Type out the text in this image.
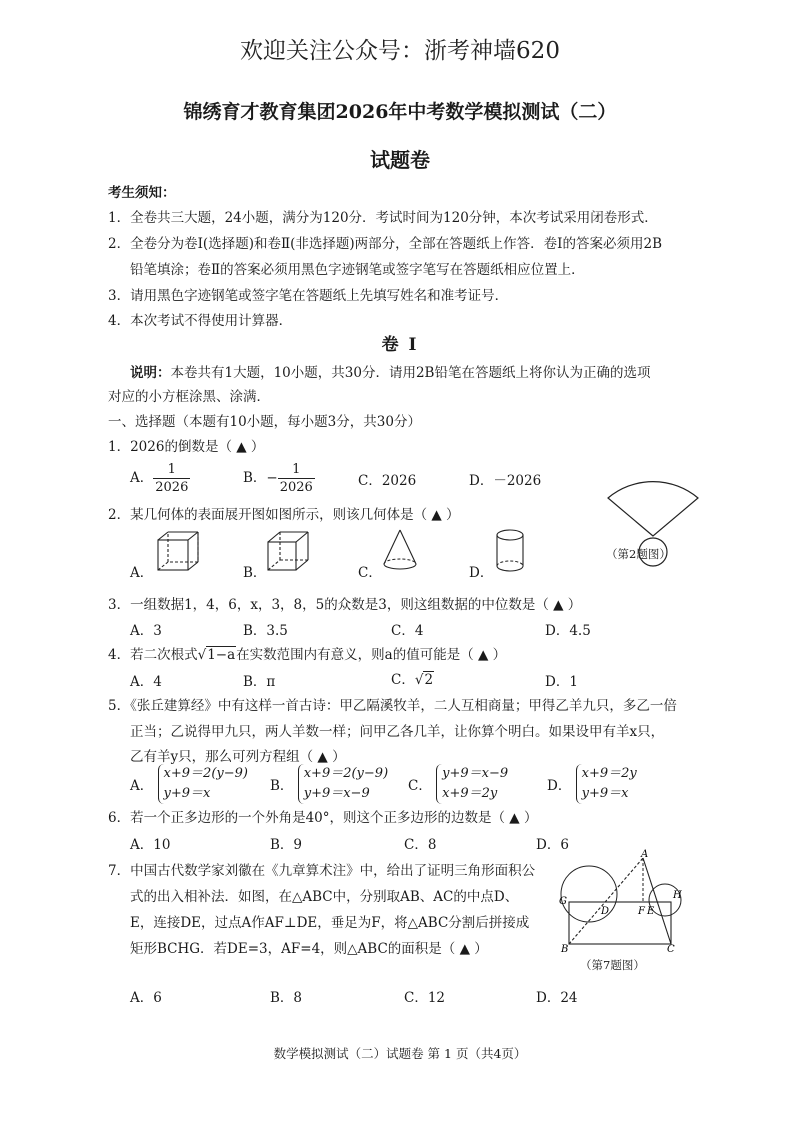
欢迎关注公众号：浙考神墙620
锦绣育才教育集团2026年中考数学模拟测试（二）
试题卷
考生须知：
1．全卷共三大题，24小题，满分为120分．考试时间为120分钟，本次考试采用闭卷形式．
2．全卷分为卷Ⅰ(选择题)和卷Ⅱ(非选择题)两部分，全部在答题纸上作答．卷Ⅰ的答案必须用2B
铅笔填涂；卷Ⅱ的答案必须用黑色字迹钢笔或签字笔写在答题纸相应位置上．
3．请用黑色字迹钢笔或签字笔在答题纸上先填写姓名和准考证号．
4．本次考试不得使用计算器．
卷 Ⅰ
说明：本卷共有1大题，10小题，共30分．请用2B铅笔在答题纸上将你认为正确的选项
对应的小方框涂黑、涂满．
一、选择题（本题有10小题，每小题3分，共30分）
1．2026的倒数是（ ▲ ）
A． $\frac{1}{2026}$	B．− $\frac{1}{2026}$	C．2026	D．－2026
（第2题图）
2．某几何体的表面展开图如图所示，则该几何体是（ ▲ ）
A．	B．	C．	D．
3．一组数据1，4，6，x，3，8，5的众数是3，则这组数据的中位数是（ ▲ ）
A．3	B．3.5	C．4	D．4.5
4．若二次根式√1−a在实数范围内有意义，则a的值可能是（ ▲ ）
A．4	B．π	C．√2	D．1
5．《张丘建算经》中有这样一首古诗：甲乙隔溪牧羊，二人互相商量；甲得乙羊九只，多乙一倍
正当；乙说得甲九只，两人羊数一样；问甲乙各几羊，让你算个明白。如果设甲有羊x只，
乙有羊y只，那么可列方程组（ ▲ ）
A．
x+9＝2(y−9)
y+9＝x	B．
x+9＝2(y−9)
y+9＝x−9	C．
y+9＝x−9
x+9＝2y	D．
x+9＝2y
y+9＝x
6．若一个正多边形的一个外角是40°，则这个正多边形的边数是（ ▲ ）
A．10	B．9	C．8	D．6
7．中国古代数学家刘徽在《九章算术注》中，给出了证明三角形面积公
式的出入相补法．如图，在△ABC中，分别取AB、AC的中点D、
E，连接DE，过点A作AF⊥DE，垂足为F，将△ABC分割后拼接成
矩形BCHG．若DE=3，AF=4，则△ABC的面积是（ ▲ ）
A
B	C
D	E
F
G
H
（第7题图）
A．6	B．8	C．12	D．24
数学模拟测试（二）试题卷 第 1 页（共4页）
